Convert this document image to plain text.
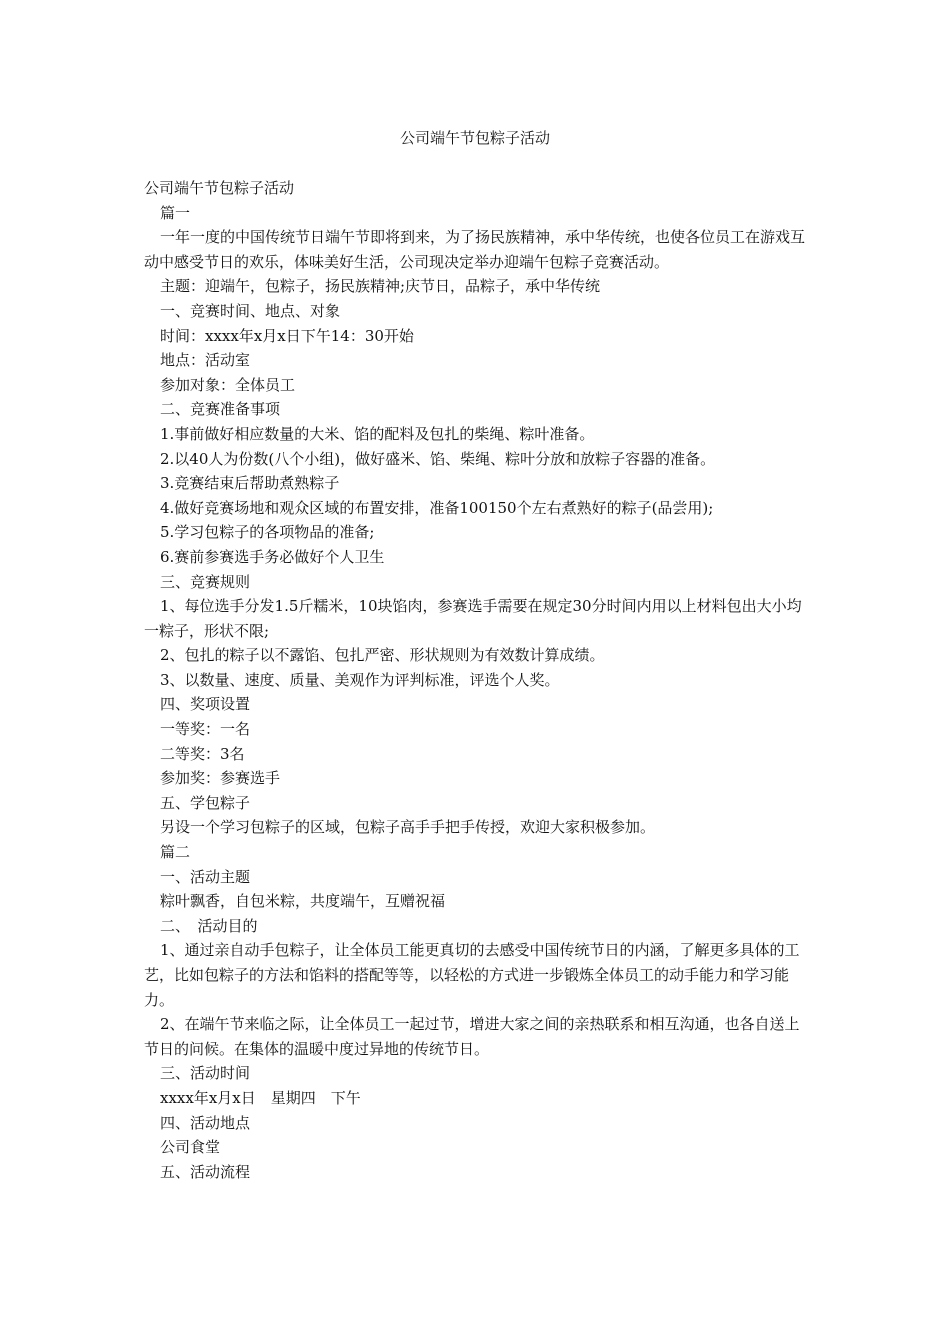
公司端午节包粽子活动

公司端午节包粽子活动

篇一

一年一度的中国传统节日端午节即将到来，为了扬民族精神，承中华传统，也使各位员工在游戏互动中感受节日的欢乐，体味美好生活，公司现决定举办迎端午包粽子竞赛活动。

主题：迎端午，包粽子，扬民族精神;庆节日，品粽子，承中华传统

一、竞赛时间、地点、对象

时间：xxxx年x月x日下午14：30开始

地点：活动室

参加对象：全体员工

二、竞赛准备事项

1.事前做好相应数量的大米、馅的配料及包扎的柴绳、粽叶准备。

2.以40人为份数(八个小组)，做好盛米、馅、柴绳、粽叶分放和放粽子容器的准备。

3.竞赛结束后帮助煮熟粽子

4.做好竞赛场地和观众区域的布置安排，准备100150个左右煮熟好的粽子(品尝用);

5.学习包粽子的各项物品的准备;

6.赛前参赛选手务必做好个人卫生

三、竞赛规则

1、每位选手分发1.5斤糯米，10块馅肉，参赛选手需要在规定30分时间内用以上材料包出大小均一粽子，形状不限;

2、包扎的粽子以不露馅、包扎严密、形状规则为有效数计算成绩。

3、以数量、速度、质量、美观作为评判标准，评选个人奖。

四、奖项设置

一等奖：一名

二等奖：3名

参加奖：参赛选手

五、学包粽子

另设一个学习包粽子的区域，包粽子高手手把手传授，欢迎大家积极参加。

篇二

一、活动主题

粽叶飘香，自包米粽，共度端午，互赠祝福

二、　活动目的

1、通过亲自动手包粽子，让全体员工能更真切的去感受中国传统节日的内涵，了解更多具体的工艺，比如包粽子的方法和馅料的搭配等等，以轻松的方式进一步锻炼全体员工的动手能力和学习能力。

2、在端午节来临之际，让全体员工一起过节，增进大家之间的亲热联系和相互沟通，也各自送上节日的问候。在集体的温暖中度过异地的传统节日。

三、活动时间

xxxx年x月x日　星期四　下午

四、活动地点

公司食堂

五、活动流程
